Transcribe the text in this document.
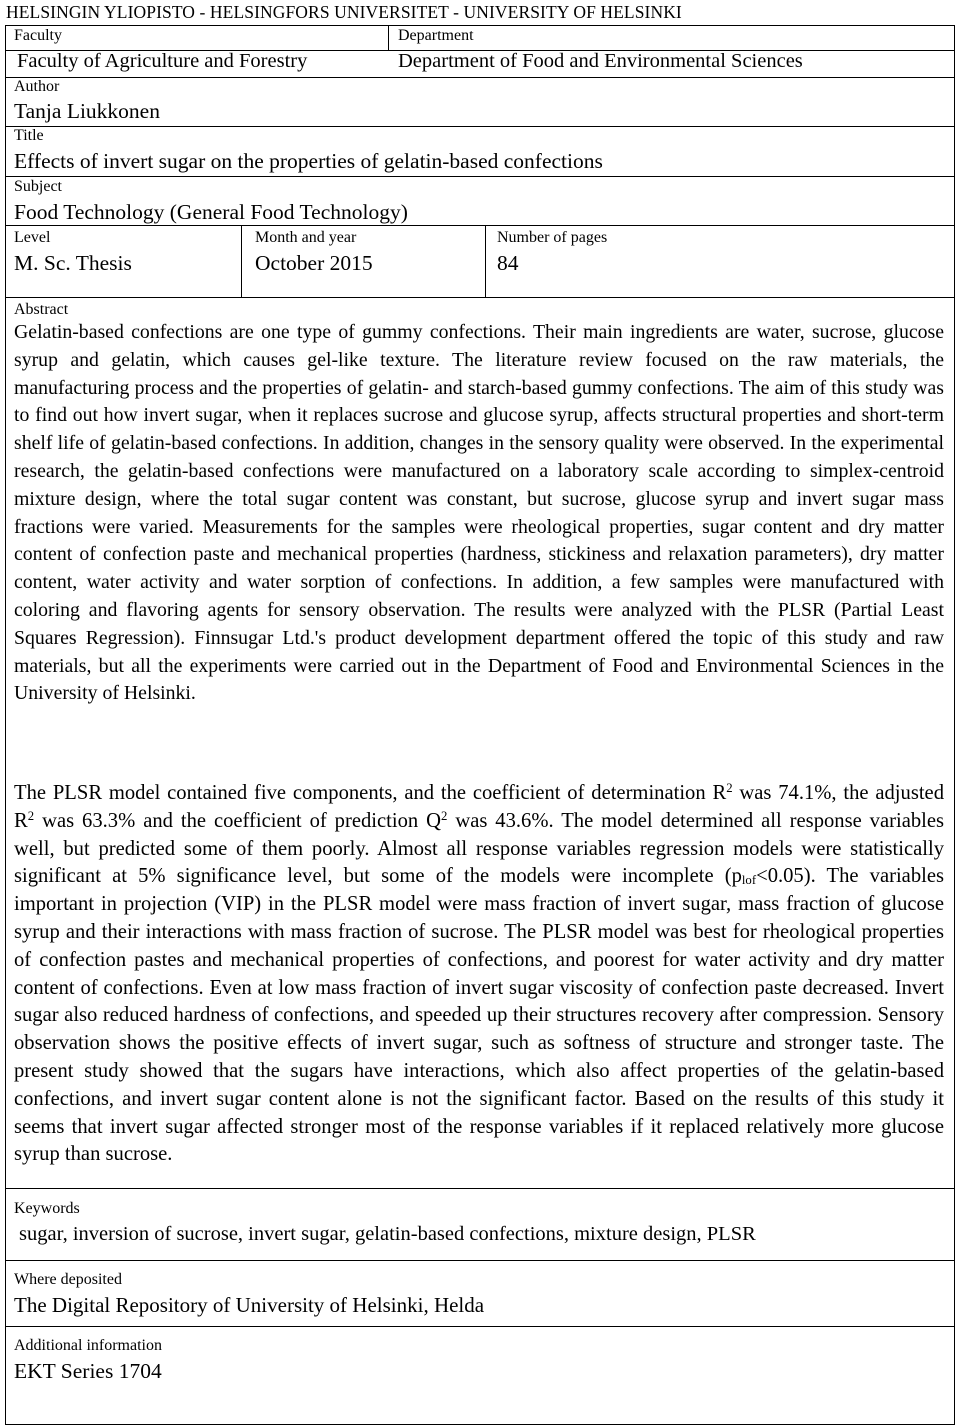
HELSINGIN YLIOPISTO - HELSINGFORS UNIVERSITET - UNIVERSITY OF HELSINKI
Faculty
Faculty of Agriculture and Forestry
Department
Department of Food and Environmental Sciences
Author
Tanja Liukkonen
Title
Effects of invert sugar on the properties of gelatin-based confections
Subject
Food Technology (General Food Technology)
Level
M. Sc. Thesis
Month and year
October 2015
Number of pages
84
Abstract

Gelatin-based confections are one type of gummy confections. Their main ingredients are water, sucrose, glucose syrup and gelatin, which causes gel-like texture. The literature review focused on the raw materials, the manufacturing process and the properties of gelatin- and starch-based gummy confections. The aim of this study was to find out how invert sugar, when it replaces sucrose and glucose syrup, affects structural properties and short-term shelf life of gelatin-based confections. In addition, changes in the sensory quality were observed. In the experimental research, the gelatin-based confections were manufactured on a laboratory scale according to simplex-centroid mixture design, where the total sugar content was constant, but sucrose, glucose syrup and invert sugar mass fractions were varied. Measurements for the samples were rheological properties, sugar content and dry matter content of confection paste and mechanical properties (hardness, stickiness and relaxation parameters), dry matter content, water activity and water sorption of confections. In addition, a few samples were manufactured with coloring and flavoring agents for sensory observation. The results were analyzed with the PLSR (Partial Least Squares Regression). Finnsugar Ltd.'s product development department offered the topic of this study and raw materials, but all the experiments were carried out in the Department of Food and Environmental Sciences in the University of Helsinki.

The PLSR model contained five components, and the coefficient of determination $R^2$ was 74.1%, the adjusted $R^2$ was 63.3% and the coefficient of prediction $Q^2$ was 43.6%. The model determined all response variables well, but predicted some of them poorly. Almost all response variables regression models were statistically significant at 5% significance level, but some of the models were incomplete $(p_{lof}<0.05)$. The variables important in projection (VIP) in the PLSR model were mass fraction of invert sugar, mass fraction of glucose syrup and their interactions with mass fraction of sucrose. The PLSR model was best for rheological properties of confection pastes and mechanical properties of confections, and poorest for water activity and dry matter content of confections. Even at low mass fraction of invert sugar viscosity of confection paste decreased. Invert sugar also reduced hardness of confections, and speeded up their structures recovery after compression. Sensory observation shows the positive effects of invert sugar, such as softness of structure and stronger taste. The present study showed that the sugars have interactions, which also affect properties of the gelatin-based confections, and invert sugar content alone is not the significant factor. Based on the results of this study it seems that invert sugar affected stronger most of the response variables if it replaced relatively more glucose syrup than sucrose.

Keywords
sugar, inversion of sucrose, invert sugar, gelatin-based confections, mixture design, PLSR
Where deposited
The Digital Repository of University of Helsinki, Helda
Additional information
EKT Series 1704
